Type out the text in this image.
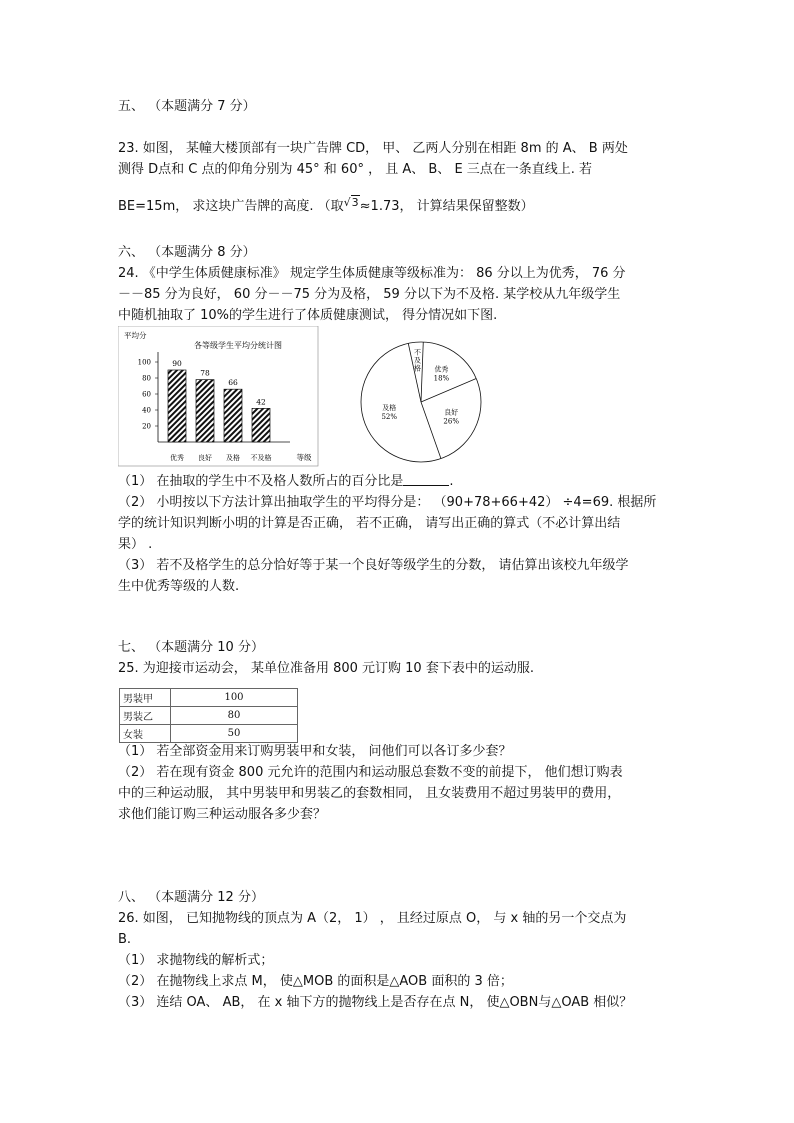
五、 （本题满分 7 分）
23. 如图， 某幢大楼顶部有一块广告牌 CD， 甲、 乙两人分别在相距 8m 的 A、 B 两处
测得 D点和 C 点的仰角分别为 45° 和 60° ， 且 A、 B、 E 三点在一条直线上. 若
BE=15m， 求这块广告牌的高度. （取√3≈1.73， 计算结果保留整数）
六、 （本题满分 8 分）
24. 《中学生体质健康标准》 规定学生体质健康等级标准为： 86 分以上为优秀， 76 分
－－85 分为良好， 60 分－－75 分为及格， 59 分以下为不及格. 某学校从九年级学生
中随机抽取了 10%的学生进行了体质健康测试， 得分情况如下图.
平均分
各等级学生平均分统计图
100
80
60
40
20
90
优秀
78
良好
66
及格
42
不及格	等级
不
及
格 优秀
18%
良好
26%
及格
52%
（1） 在抽取的学生中不及格人数所占的百分比是	.
（2） 小明按以下方法计算出抽取学生的平均得分是： （90+78+66+42） ÷4=69. 根据所
学的统计知识判断小明的计算是否正确， 若不正确， 请写出正确的算式（不必计算出结
果） .
（3） 若不及格学生的总分恰好等于某一个良好等级学生的分数， 请估算出该校九年级学
生中优秀等级的人数.
七、 （本题满分 10 分）
25. 为迎接市运动会， 某单位准备用 800 元订购 10 套下表中的运动服.
男装甲	100
男装乙	80
女装	50
（1） 若全部资金用来订购男装甲和女装， 问他们可以各订多少套？
（2） 若在现有资金 800 元允许的范围内和运动服总套数不变的前提下， 他们想订购表
中的三种运动服， 其中男装甲和男装乙的套数相同， 且女装费用不超过男装甲的费用，
求他们能订购三种运动服各多少套？
八、 （本题满分 12 分）
26. 如图， 已知抛物线的顶点为 A（2， 1） ， 且经过原点 O， 与 x 轴的另一个交点为
B.
（1） 求抛物线的解析式；
（2） 在抛物线上求点 M， 使△MOB 的面积是△AOB 面积的 3 倍；
（3） 连结 OA、 AB， 在 x 轴下方的抛物线上是否存在点 N， 使△OBN与△OAB 相似？
